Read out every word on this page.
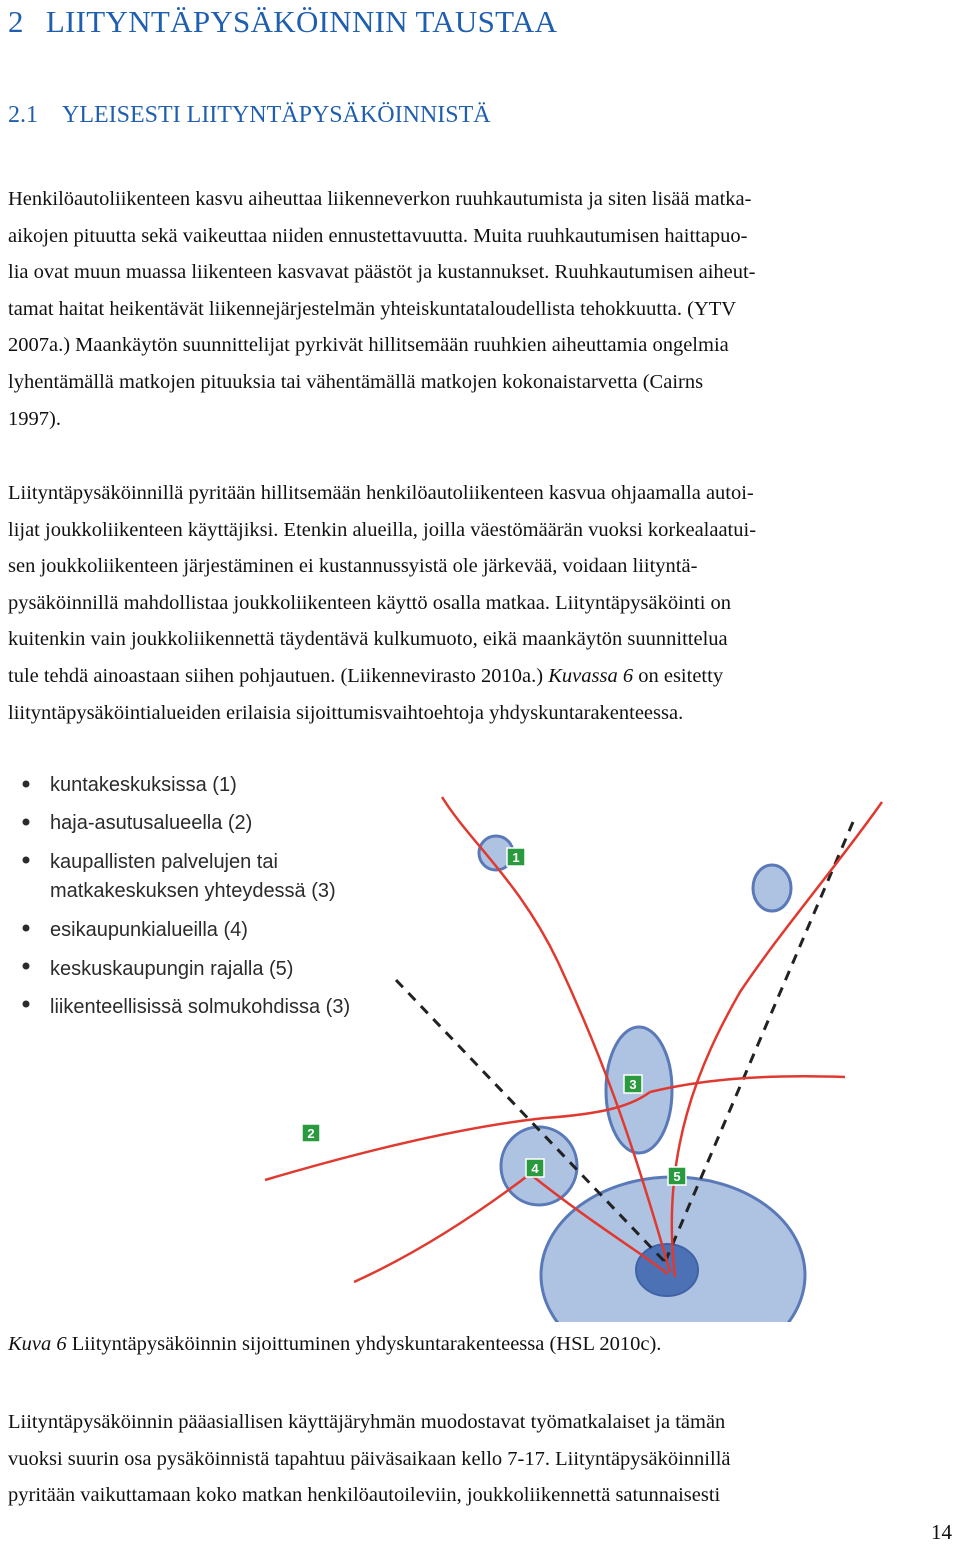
2 LIITYNTÄPYSÄKÖINNIN TAUSTAA
2.1 YLEISESTI LIITYNTÄPYSÄKÖINNISTÄ

Henkilöautoliikenteen kasvu aiheuttaa liikenneverkon ruuhkautumista ja siten lisää matka-
aikojen pituutta sekä vaikeuttaa niiden ennustettavuutta. Muita ruuhkautumisen haittapuo-
lia ovat muun muassa liikenteen kasvavat päästöt ja kustannukset. Ruuhkautumisen aiheut-
tamat haitat heikentävät liikennejärjestelmän yhteiskuntataloudellista tehokkuutta. (YTV
2007a.) Maankäytön suunnittelijat pyrkivät hillitsemään ruuhkien aiheuttamia ongelmia
lyhentämällä matkojen pituuksia tai vähentämällä matkojen kokonaistarvetta (Cairns
1997).

Liityntäpysäköinnillä pyritään hillitsemään henkilöautoliikenteen kasvua ohjaamalla autoi-
lijat joukkoliikenteen käyttäjiksi. Etenkin alueilla, joilla väestömäärän vuoksi korkealaatui-
sen joukkoliikenteen järjestäminen ei kustannussyistä ole järkevää, voidaan liityntä-
pysäköinnillä mahdollistaa joukkoliikenteen käyttö osalla matkaa. Liityntäpysäköinti on
kuitenkin vain joukkoliikennettä täydentävä kulkumuoto, eikä maankäytön suunnittelua
tule tehdä ainoastaan siihen pohjautuen. (Liikennevirasto 2010a.) Kuvassa 6 on esitetty
liityntäpysäköintialueiden erilaisia sijoittumisvaihtoehtoja yhdyskuntarakenteessa.

kuntakeskuksissa (1)
haja-asutusalueella (2)
kaupallisten palvelujen tai
matkakeskuksen yhteydessä (3)
esikaupunkialueilla (4)
keskuskaupungin rajalla (5)
liikenteellisissä solmukohdissa (3)
1
2
3
4
5

Kuva 6 Liityntäpysäköinnin sijoittuminen yhdyskuntarakenteessa (HSL 2010c).

Liityntäpysäköinnin pääasiallisen käyttäjäryhmän muodostavat työmatkalaiset ja tämän
vuoksi suurin osa pysäköinnistä tapahtuu päiväsaikaan kello 7-17. Liityntäpysäköinnillä
pyritään vaikuttamaan koko matkan henkilöautoileviin, joukkoliikennettä satunnaisesti

14
